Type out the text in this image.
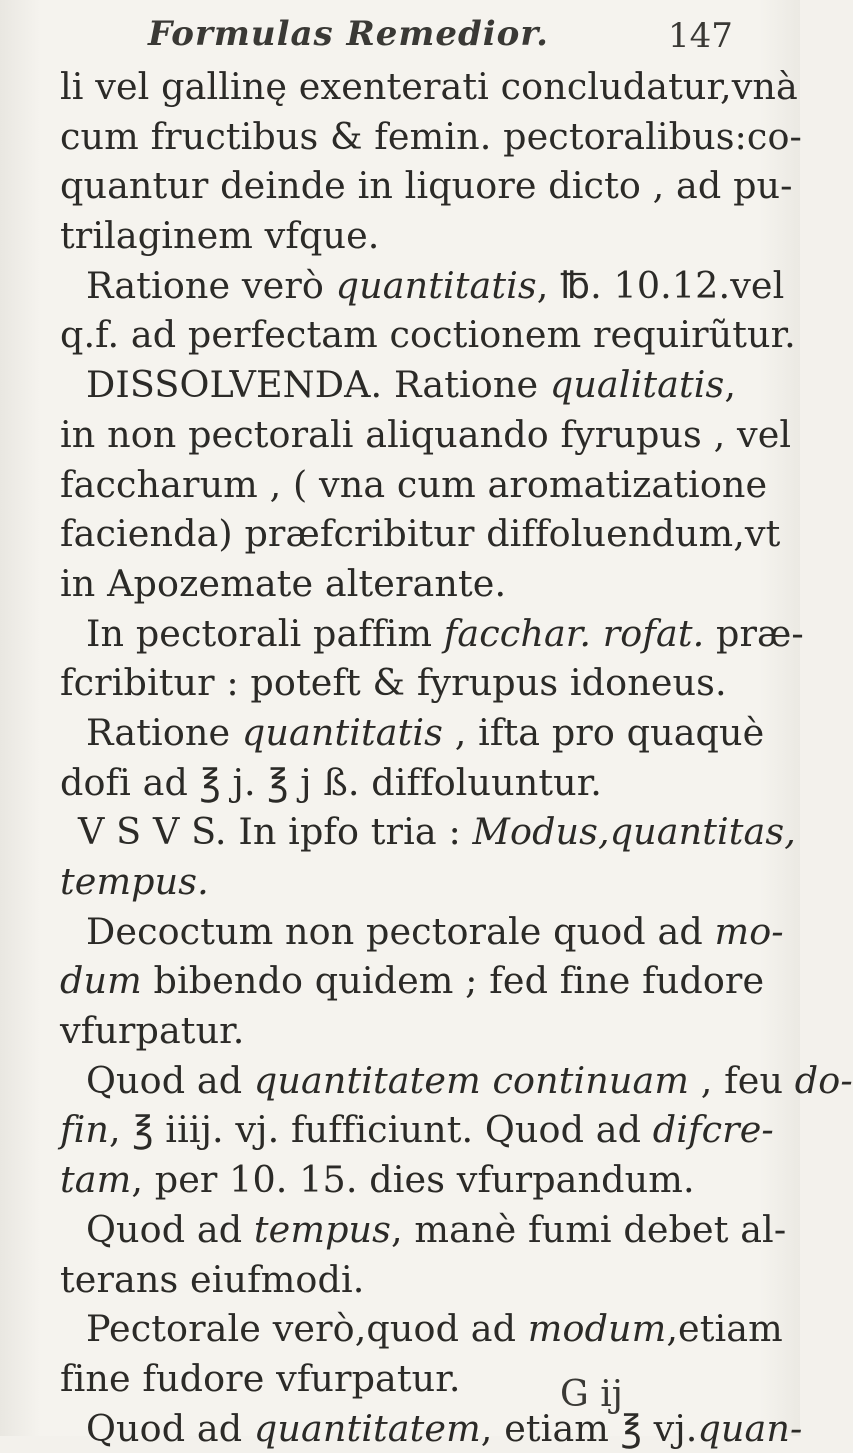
Formulas Remedior.	147
li vel gallinę exenterati concludatur,vnà
cum fructibus & femin. pectoralibus:co-
quantur deinde in liquore dicto , ad pu-
trilaginem vfque.
Ratione verò quantitatis, ℔. 10.12.vel
q.f. ad perfectam coctionem requirũtur.
DISSOLVENDA. Ratione qualitatis,
in non pectorali aliquando fyrupus , vel
faccharum , ( vna cum aromatizatione
facienda) præfcribitur diffoluendum,vt
in Apozemate alterante.
In pectorali paffim facchar. rofat. præ-
fcribitur : poteft & fyrupus idoneus.
Ratione quantitatis , ifta pro quaquè
dofi ad ℥ j. ℥ j ß. diffoluuntur.
V S V S. In ipfo tria : Modus,quantitas,
tempus.
Decoctum non pectorale quod ad mo-
dum bibendo quidem ; fed fine fudore
vfurpatur.
Quod ad quantitatem continuam , feu do-
fin, ℥ iiij. vj. fufficiunt. Quod ad difcre-
tam, per 10. 15. dies vfurpandum.
Quod ad tempus, manè fumi debet al-
terans eiufmodi.
Pectorale verò,quod ad modum,etiam
fine fudore vfurpatur.
Quod ad quantitatem, etiam ℥ vj.quan-
G ij
